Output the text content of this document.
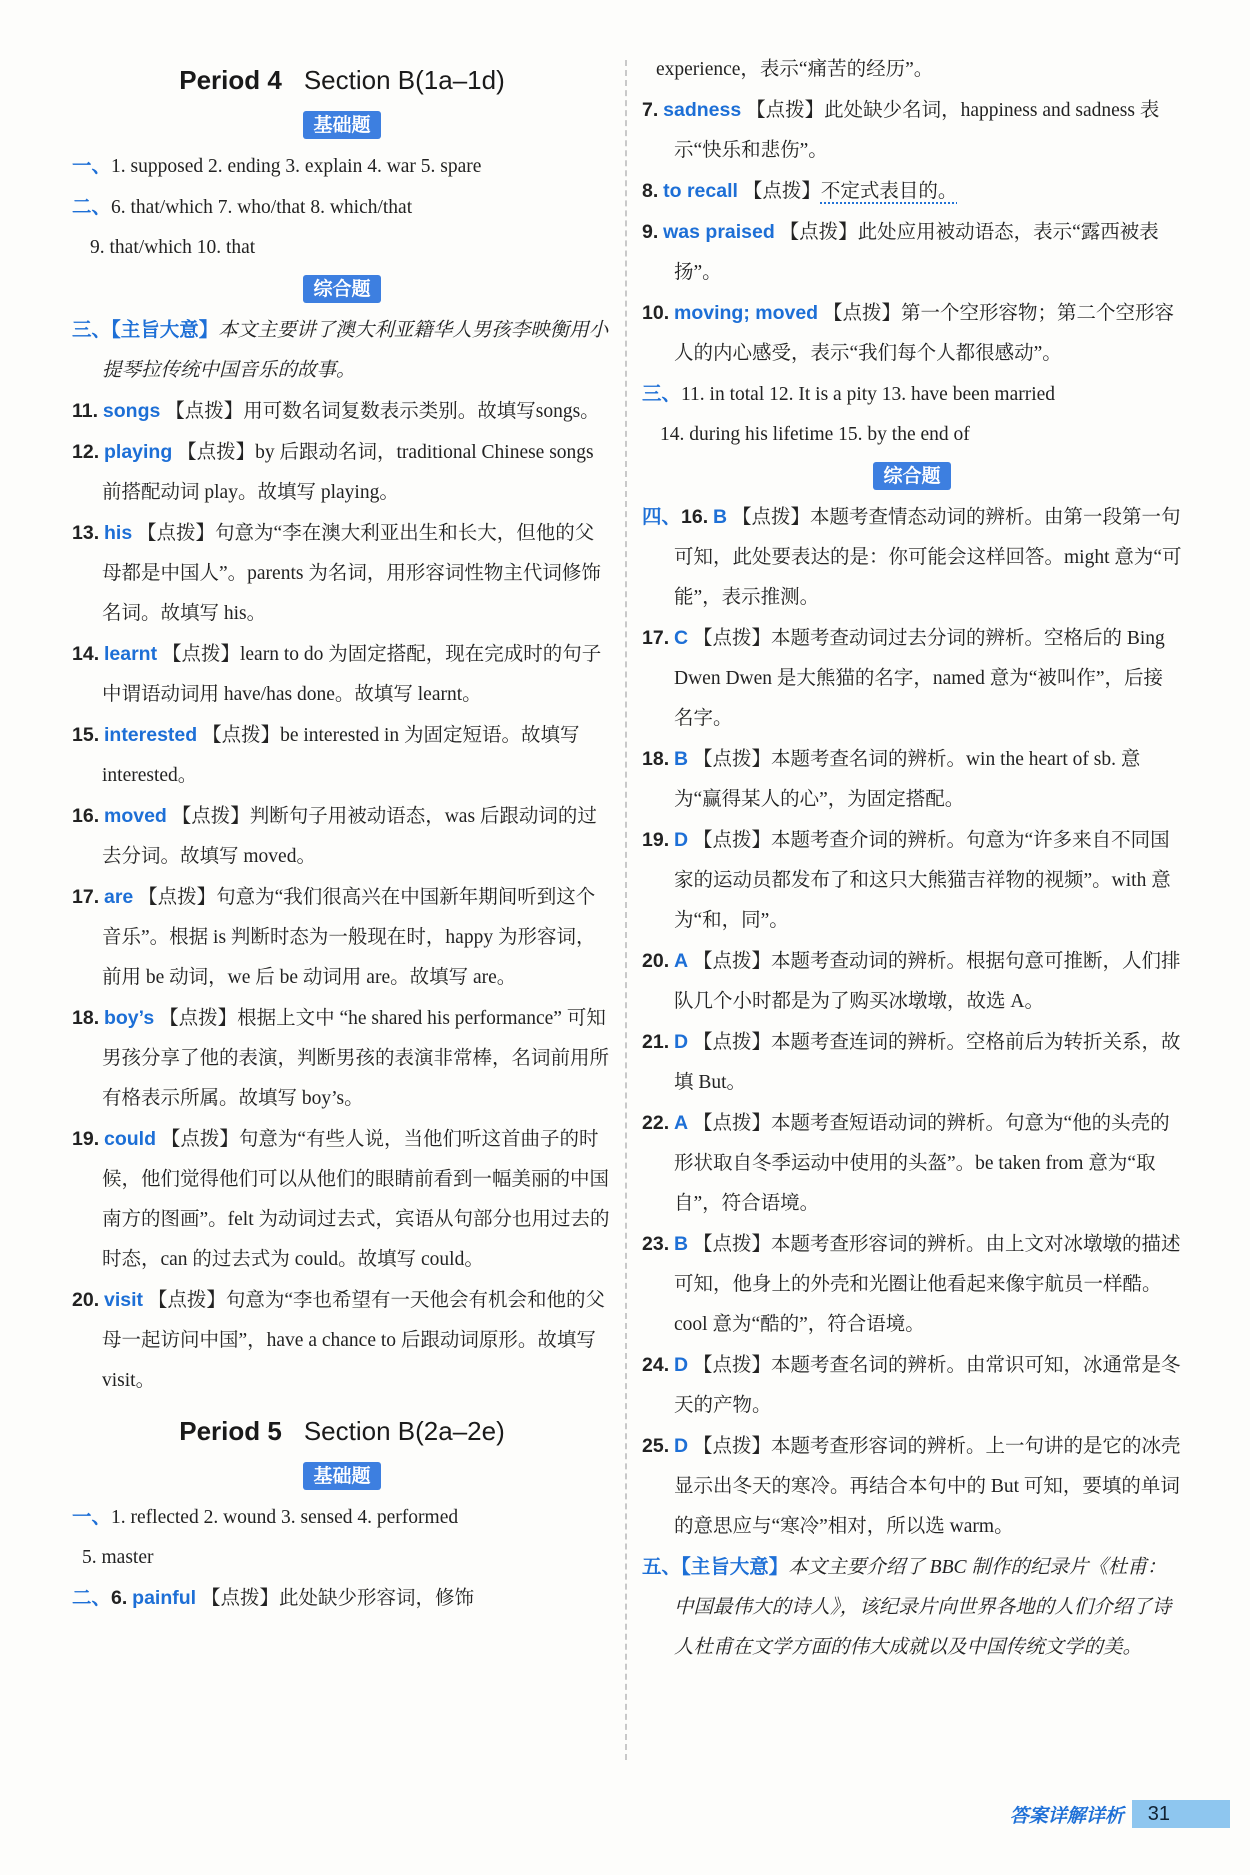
Period 4 Section B(1a–1d)
基础题
一、1. supposed 2. ending 3. explain 4. war 5. spare
二、6. that/which 7. who/that 8. which/that
9. that/which 10. that
综合题
三、【主旨大意】本文主要讲了澳大利亚籍华人男孩李映衡用小提琴拉传统中国音乐的故事。
11. songs 【点拨】用可数名词复数表示类别。故填写songs。
12. playing 【点拨】by 后跟动名词，traditional Chinese songs 前搭配动词 play。故填写 playing。
13. his 【点拨】句意为“李在澳大利亚出生和长大，但他的父母都是中国人”。parents 为名词，用形容词性物主代词修饰名词。故填写 his。
14. learnt 【点拨】learn to do 为固定搭配，现在完成时的句子中谓语动词用 have/has done。故填写 learnt。
15. interested 【点拨】be interested in 为固定短语。故填写 interested。
16. moved 【点拨】判断句子用被动语态，was 后跟动词的过去分词。故填写 moved。
17. are 【点拨】句意为“我们很高兴在中国新年期间听到这个音乐”。根据 is 判断时态为一般现在时，happy 为形容词，前用 be 动词，we 后 be 动词用 are。故填写 are。
18. boy’s 【点拨】根据上文中 “he shared his performance” 可知男孩分享了他的表演，判断男孩的表演非常棒，名词前用所有格表示所属。故填写 boy’s。
19. could 【点拨】句意为“有些人说，当他们听这首曲子的时候，他们觉得他们可以从他们的眼睛前看到一幅美丽的中国南方的图画”。felt 为动词过去式，宾语从句部分也用过去的时态，can 的过去式为 could。故填写 could。
20. visit 【点拨】句意为“李也希望有一天他会有机会和他的父母一起访问中国”，have a chance to 后跟动词原形。故填写 visit。
Period 5 Section B(2a–2e)
基础题
一、1. reflected 2. wound 3. sensed 4. performed
5. master
二、6. painful 【点拨】此处缺少形容词，修饰
experience，表示“痛苦的经历”。
7. sadness 【点拨】此处缺少名词，happiness and sadness 表示“快乐和悲伤”。
8. to recall 【点拨】不定式表目的。
9. was praised 【点拨】此处应用被动语态，表示“露西被表扬”。
10. moving; moved 【点拨】第一个空形容物；第二个空形容人的内心感受，表示“我们每个人都很感动”。
三、11. in total 12. It is a pity 13. have been married
14. during his lifetime 15. by the end of
综合题
四、16. B 【点拨】本题考查情态动词的辨析。由第一段第一句可知，此处要表达的是：你可能会这样回答。might 意为“可能”，表示推测。
17. C 【点拨】本题考查动词过去分词的辨析。空格后的 Bing Dwen Dwen 是大熊猫的名字，named 意为“被叫作”，后接名字。
18. B 【点拨】本题考查名词的辨析。win the heart of sb. 意为“赢得某人的心”，为固定搭配。
19. D 【点拨】本题考查介词的辨析。句意为“许多来自不同国家的运动员都发布了和这只大熊猫吉祥物的视频”。with 意为“和，同”。
20. A 【点拨】本题考查动词的辨析。根据句意可推断，人们排队几个小时都是为了购买冰墩墩，故选 A。
21. D 【点拨】本题考查连词的辨析。空格前后为转折关系，故填 But。
22. A 【点拨】本题考查短语动词的辨析。句意为“他的头壳的形状取自冬季运动中使用的头盔”。be taken from 意为“取自”，符合语境。
23. B 【点拨】本题考查形容词的辨析。由上文对冰墩墩的描述可知，他身上的外壳和光圈让他看起来像宇航员一样酷。cool 意为“酷的”，符合语境。
24. D 【点拨】本题考查名词的辨析。由常识可知，冰通常是冬天的产物。
25. D 【点拨】本题考查形容词的辨析。上一句讲的是它的冰壳显示出冬天的寒冷。再结合本句中的 But 可知，要填的单词的意思应与“寒冷”相对，所以选 warm。
五、【主旨大意】本文主要介绍了 BBC 制作的纪录片《杜甫：中国最伟大的诗人》，该纪录片向世界各地的人们介绍了诗人杜甫在文学方面的伟大成就以及中国传统文学的美。
答案详解详析	31
